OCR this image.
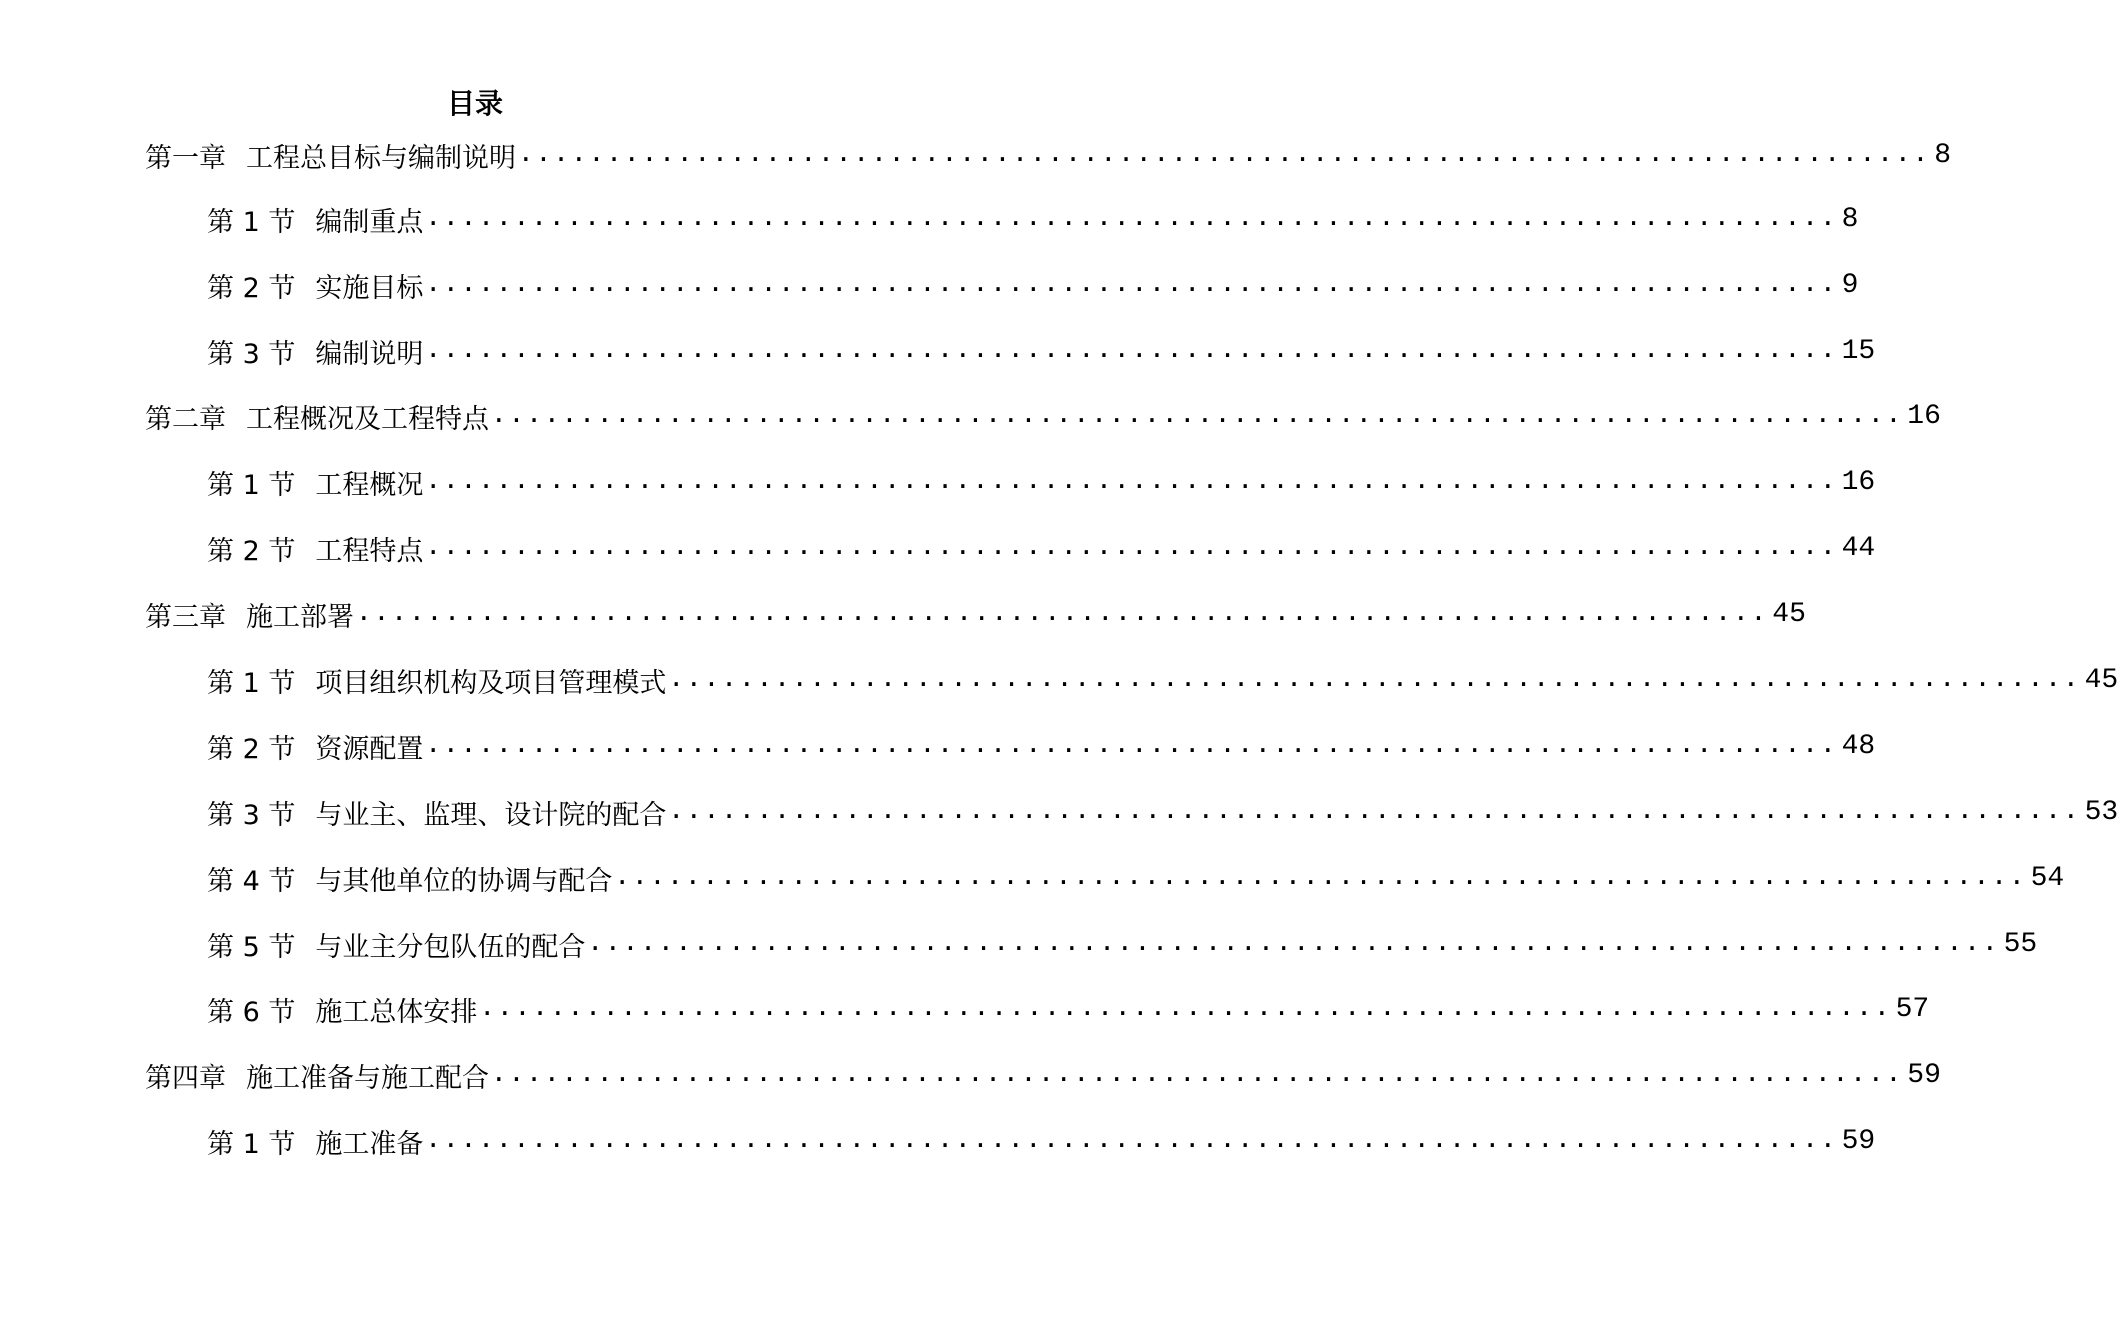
目录
第一章 工程总目标与编制说明 ................................................................................ 8
第 1 节 编制重点 ................................................................................ 8
第 2 节 实施目标 ................................................................................ 9
第 3 节 编制说明 ................................................................................ 15
第二章 工程概况及工程特点 ................................................................................ 16
第 1 节 工程概况 ................................................................................ 16
第 2 节 工程特点 ................................................................................ 44
第三章 施工部署 ................................................................................ 45
第 1 节 项目组织机构及项目管理模式 ................................................................................ 45
第 2 节 资源配置 ................................................................................ 48
第 3 节 与业主、监理、设计院的配合 ................................................................................ 53
第 4 节 与其他单位的协调与配合 ................................................................................ 54
第 5 节 与业主分包队伍的配合 ................................................................................ 55
第 6 节 施工总体安排 ................................................................................ 57
第四章 施工准备与施工配合 ................................................................................ 59
第 1 节 施工准备 ................................................................................ 59
